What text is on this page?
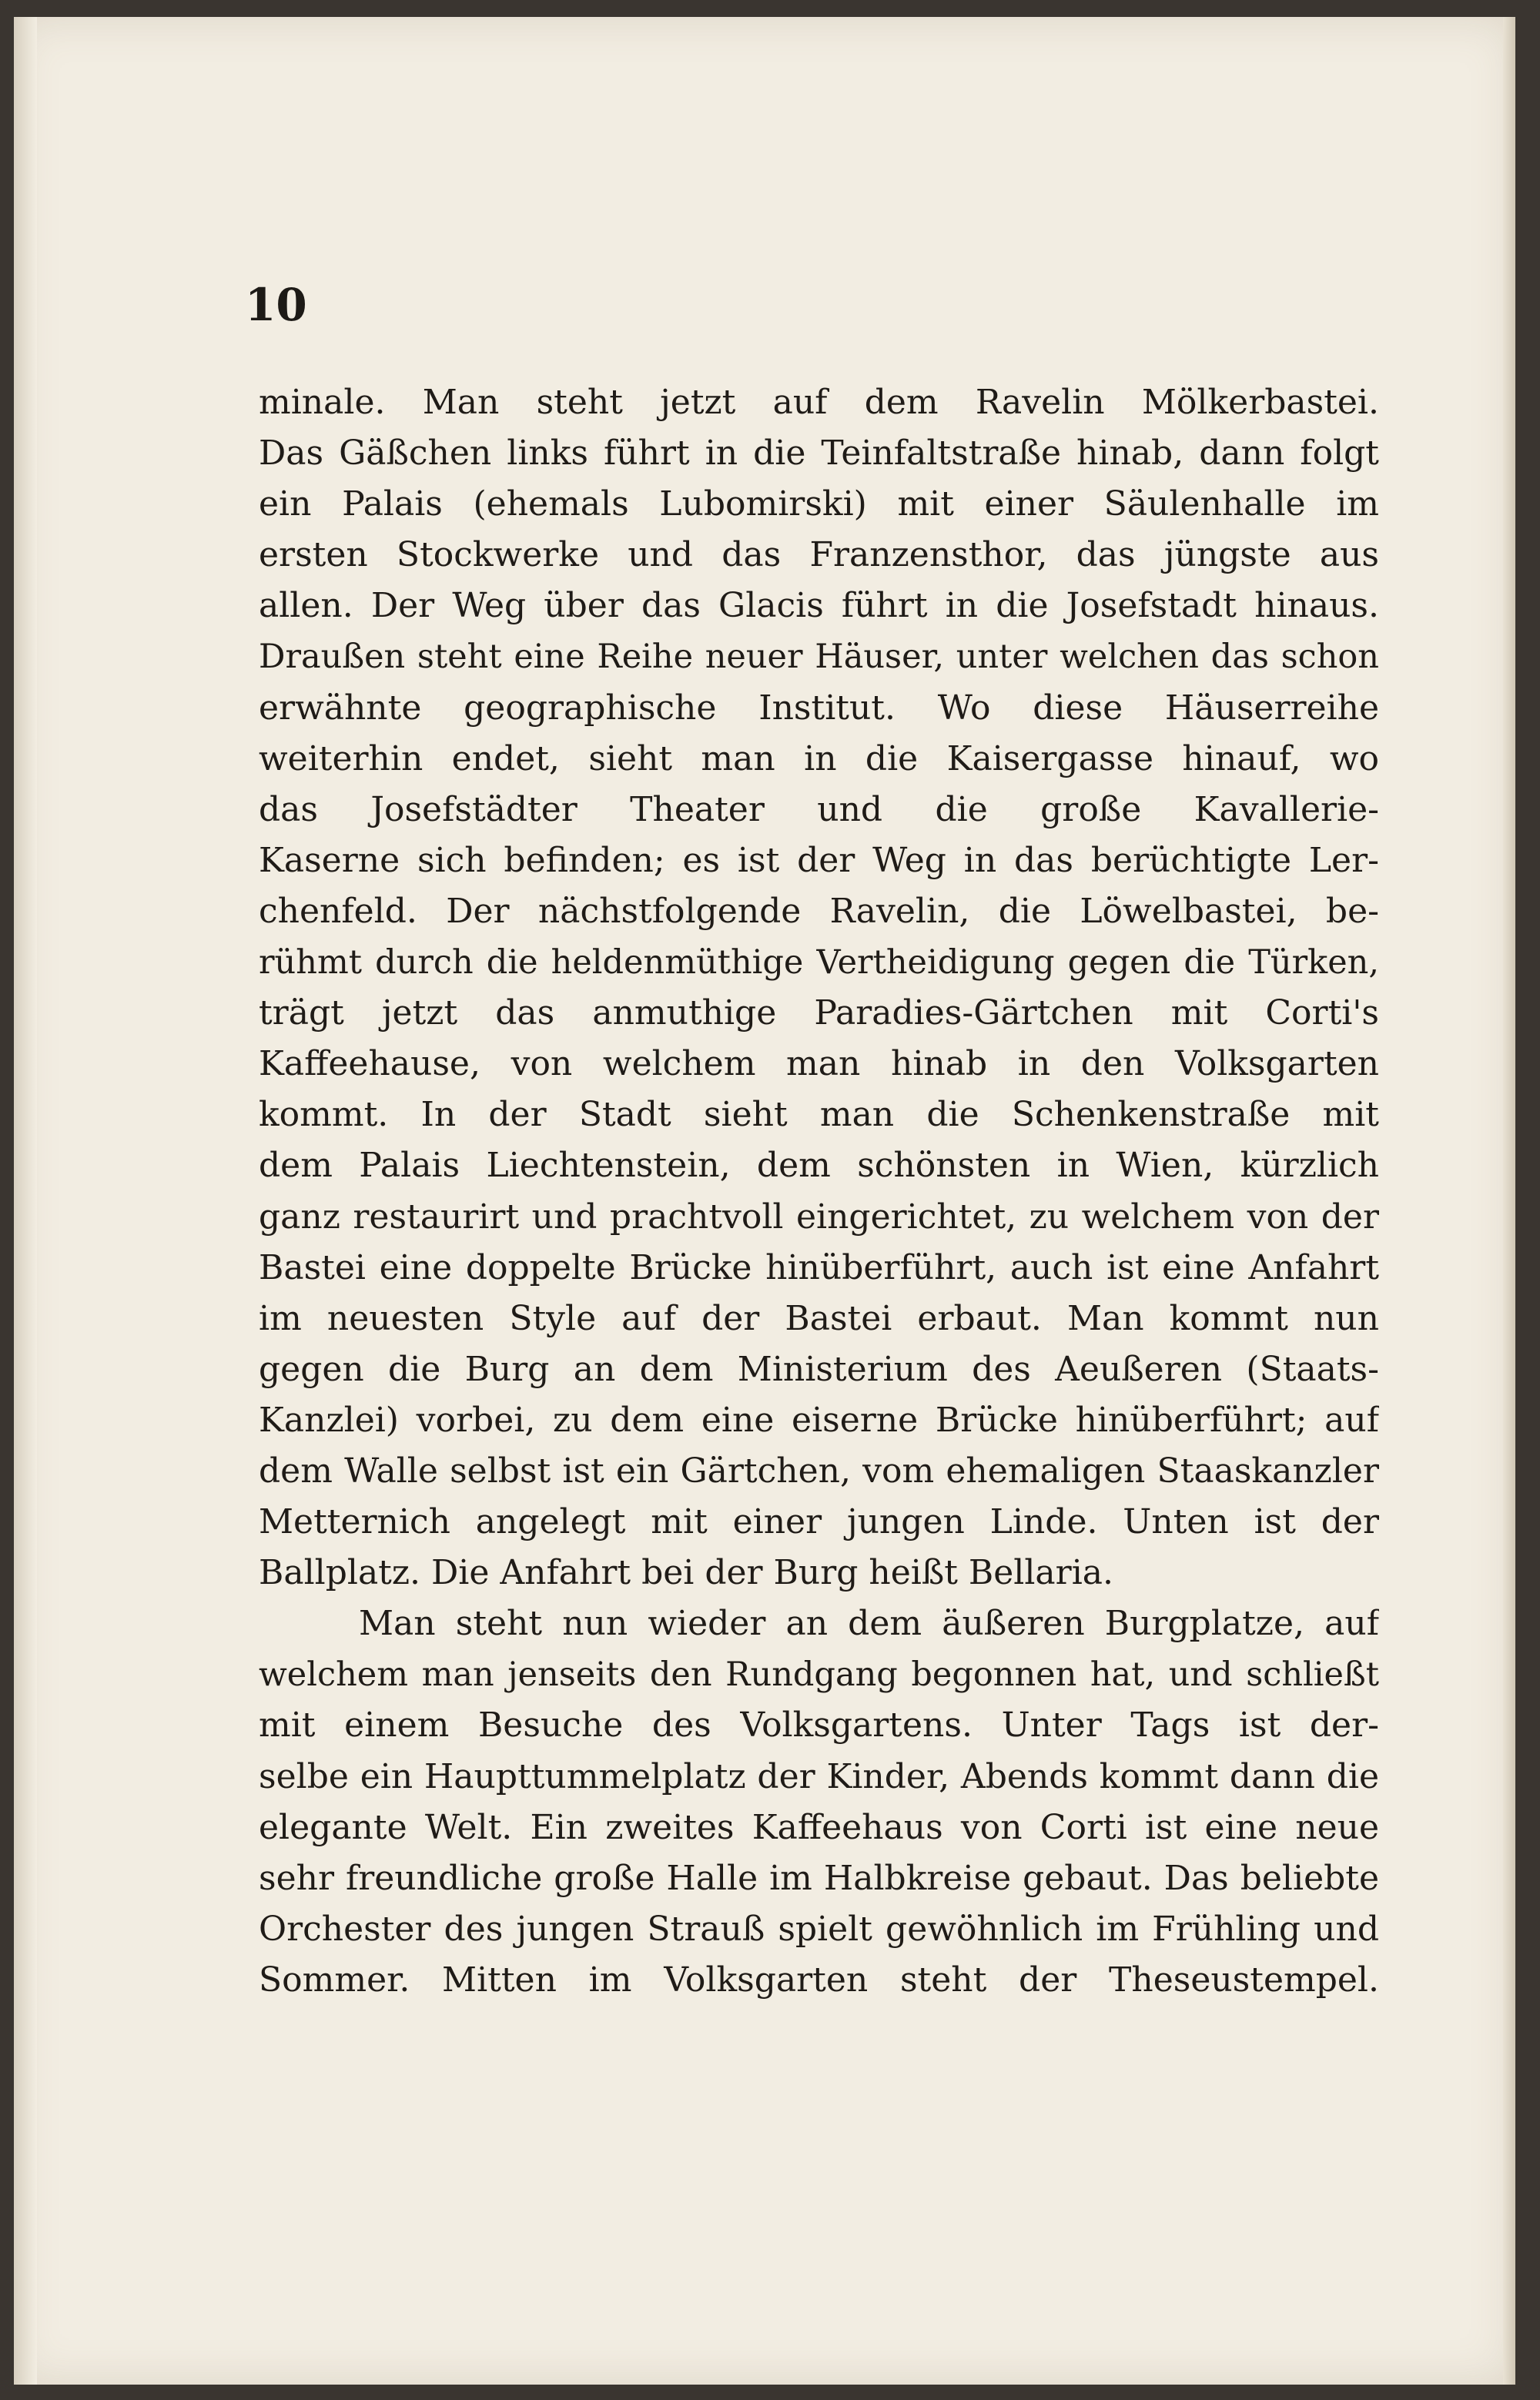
10
minale. Man steht jetzt auf dem Ravelin Mölkerbastei.
Das Gäßchen links führt in die Teinfaltstraße hinab, dann folgt
ein Palais (ehemals Lubomirski) mit einer Säulenhalle im
ersten Stockwerke und das Franzensthor, das jüngste aus
allen. Der Weg über das Glacis führt in die Josefstadt hinaus.
Draußen steht eine Reihe neuer Häuser, unter welchen das schon
erwähnte geographische Institut. Wo diese Häuserreihe
weiterhin endet, sieht man in die Kaisergasse hinauf, wo
das Josefstädter Theater und die große Kavallerie-
Kaserne sich befinden; es ist der Weg in das berüchtigte Ler-
chenfeld. Der nächstfolgende Ravelin, die Löwelbastei, be-
rühmt durch die heldenmüthige Vertheidigung gegen die Türken,
trägt jetzt das anmuthige Paradies-Gärtchen mit Corti's
Kaffeehause, von welchem man hinab in den Volksgarten
kommt. In der Stadt sieht man die Schenkenstraße mit
dem Palais Liechtenstein, dem schönsten in Wien, kürzlich
ganz restaurirt und prachtvoll eingerichtet, zu welchem von der
Bastei eine doppelte Brücke hinüberführt, auch ist eine Anfahrt
im neuesten Style auf der Bastei erbaut. Man kommt nun
gegen die Burg an dem Ministerium des Aeußeren (Staats-
Kanzlei) vorbei, zu dem eine eiserne Brücke hinüberführt; auf
dem Walle selbst ist ein Gärtchen, vom ehemaligen Staaskanzler
Metternich angelegt mit einer jungen Linde. Unten ist der
Ballplatz. Die Anfahrt bei der Burg heißt Bellaria.
Man steht nun wieder an dem äußeren Burgplatze, auf
welchem man jenseits den Rundgang begonnen hat, und schließt
mit einem Besuche des Volksgartens. Unter Tags ist der-
selbe ein Haupttummelplatz der Kinder, Abends kommt dann die
elegante Welt. Ein zweites Kaffeehaus von Corti ist eine neue
sehr freundliche große Halle im Halbkreise gebaut. Das beliebte
Orchester des jungen Strauß spielt gewöhnlich im Frühling und
Sommer. Mitten im Volksgarten steht der Theseustempel.
